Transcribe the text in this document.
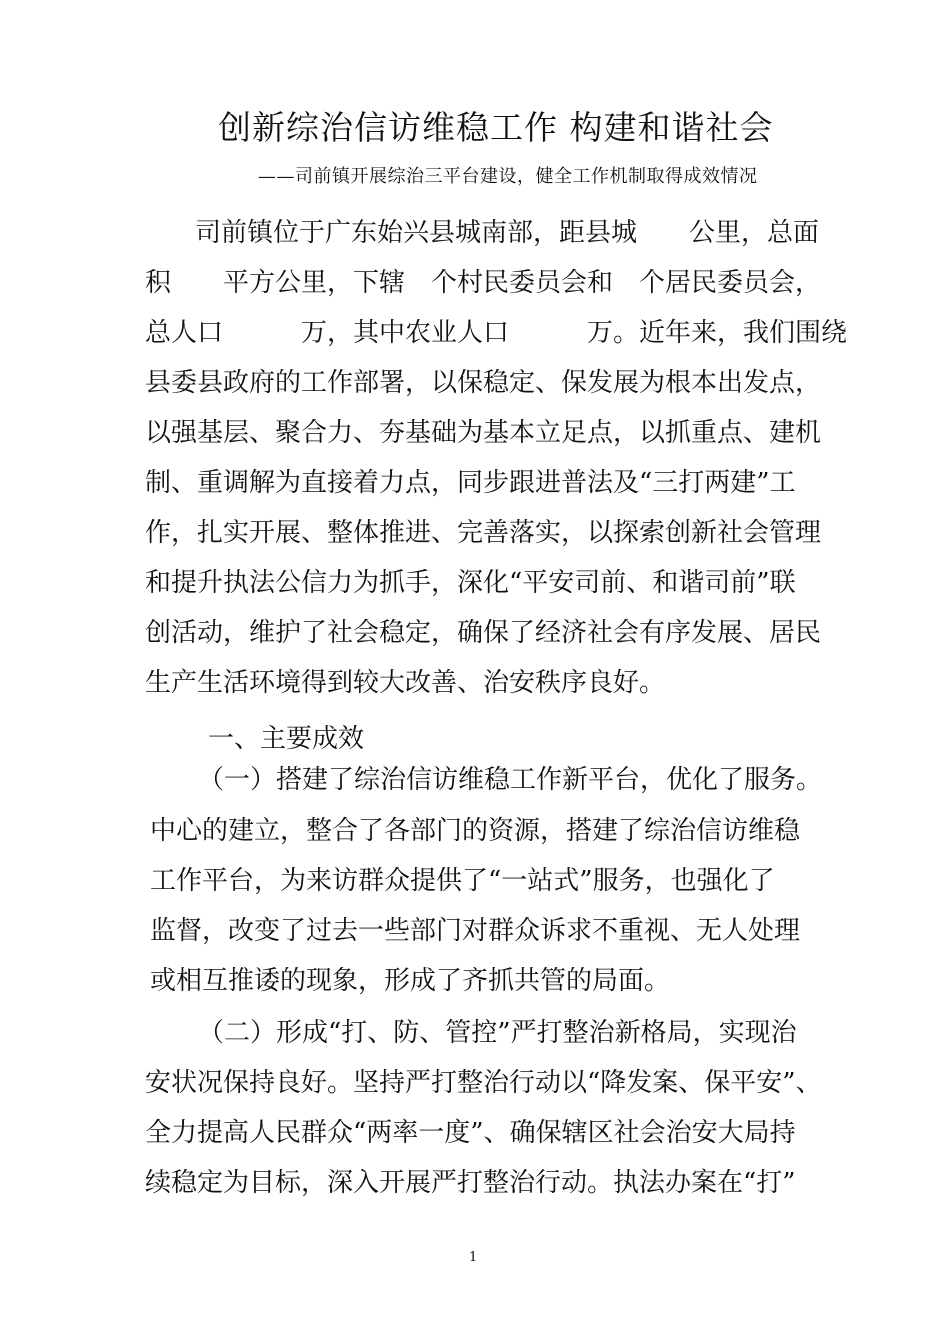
创新综治信访维稳工作 构建和谐社会
——司前镇开展综治三平台建设，健全工作机制取得成效情况
司前镇位于广东始兴县城南部，距县城　　公里，总面
积　　平方公里，下辖　个村民委员会和　个居民委员会，
总人口　　　万，其中农业人口　　　万。近年来，我们围绕
县委县政府的工作部署，以保稳定、保发展为根本出发点，
以强基层、聚合力、夯基础为基本立足点，以抓重点、建机
制、重调解为直接着力点，同步跟进普法及“三打两建”工
作，扎实开展、整体推进、完善落实，以探索创新社会管理
和提升执法公信力为抓手，深化“平安司前、和谐司前”联
创活动，维护了社会稳定，确保了经济社会有序发展、居民
生产生活环境得到较大改善、治安秩序良好。
一、主要成效
（一）搭建了综治信访维稳工作新平台，优化了服务。
中心的建立，整合了各部门的资源，搭建了综治信访维稳
工作平台，为来访群众提供了“一站式”服务，也强化了
监督，改变了过去一些部门对群众诉求不重视、无人处理
或相互推诿的现象，形成了齐抓共管的局面。
（二）形成“打、防、管控”严打整治新格局，实现治
安状况保持良好。坚持严打整治行动以“降发案、保平安”、
全力提高人民群众“两率一度”、确保辖区社会治安大局持
续稳定为目标，深入开展严打整治行动。执法办案在“打”
1
